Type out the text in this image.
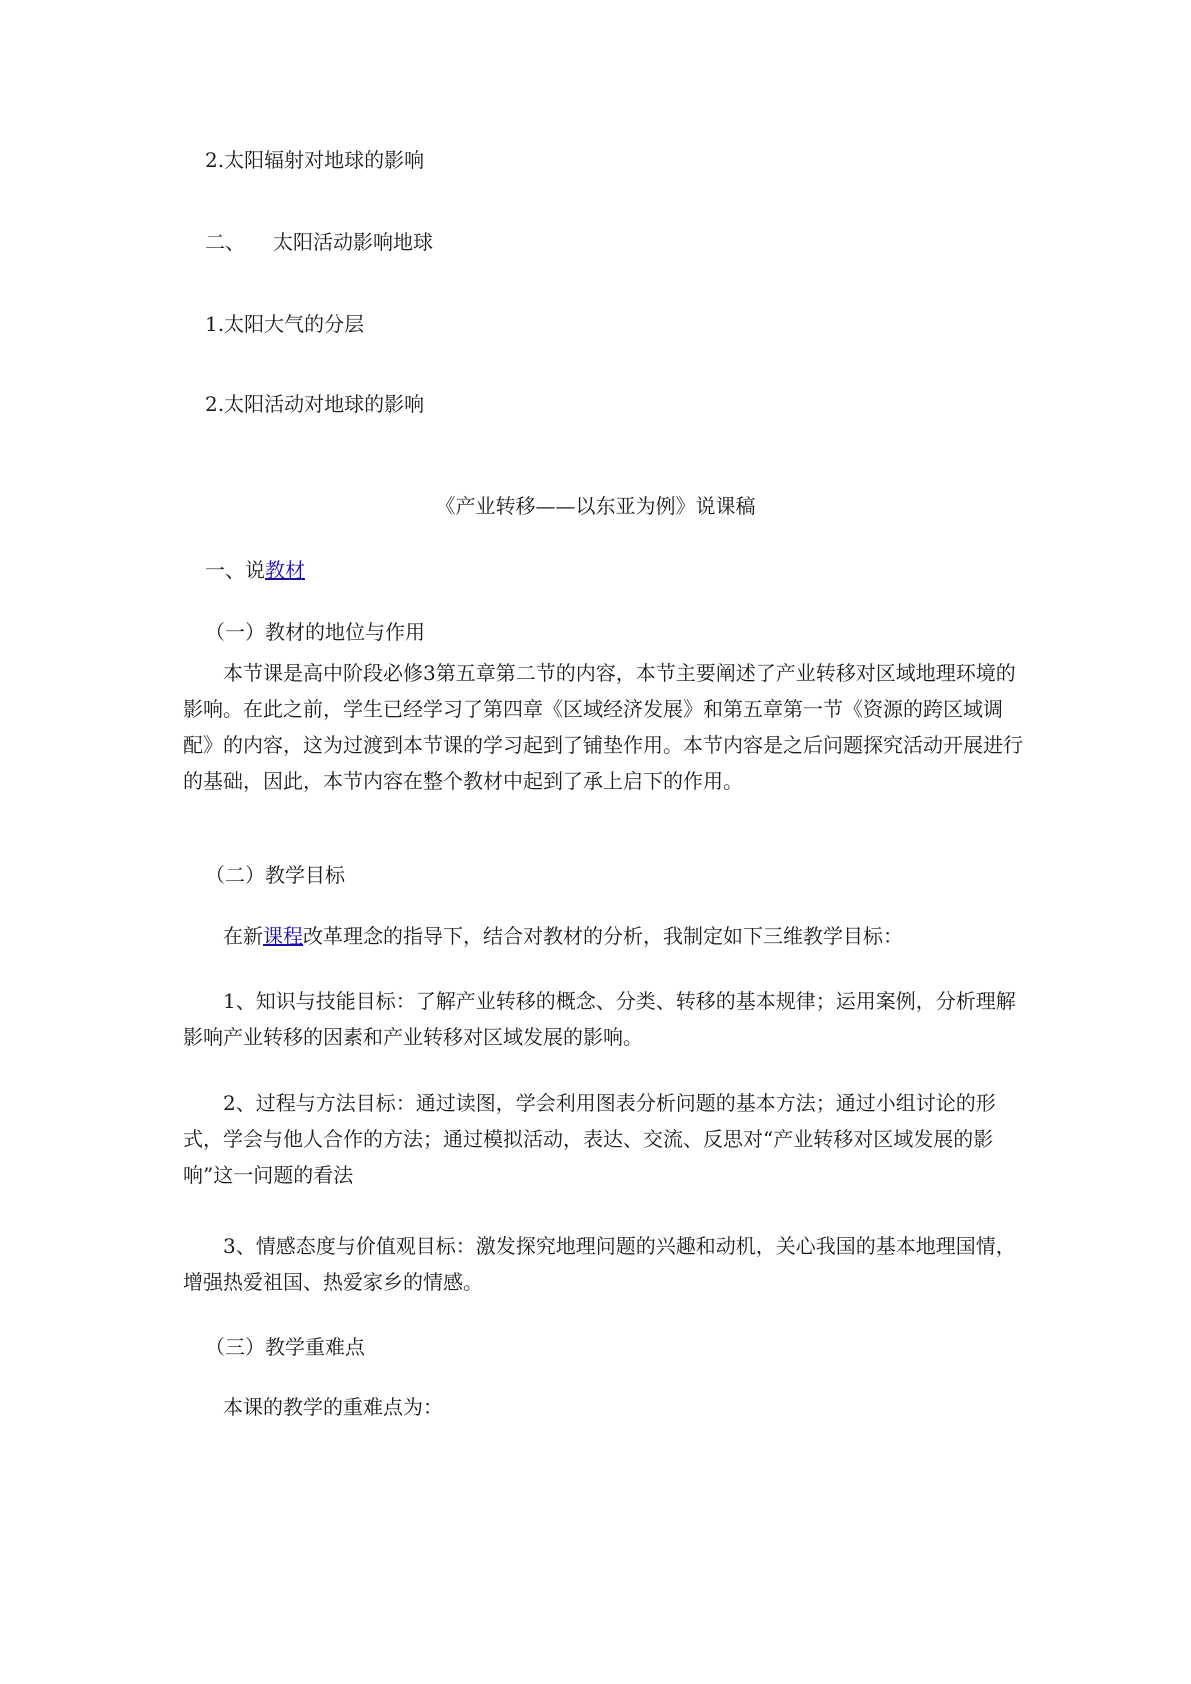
2.太阳辐射对地球的影响
二、 太阳活动影响地球
1.太阳大气的分层
2.太阳活动对地球的影响
《产业转移——以东亚为例》说课稿
一、说教材
（一）教材的地位与作用
本节课是高中阶段必修3第五章第二节的内容，本节主要阐述了产业转移对区域地理环境的影响。在此之前，学生已经学习了第四章《区域经济发展》和第五章第一节《资源的跨区域调配》的内容，这为过渡到本节课的学习起到了铺垫作用。本节内容是之后问题探究活动开展进行的基础，因此，本节内容在整个教材中起到了承上启下的作用。
（二）教学目标
在新课程改革理念的指导下，结合对教材的分析，我制定如下三维教学目标：
1、知识与技能目标：了解产业转移的概念、分类、转移的基本规律；运用案例，分析理解影响产业转移的因素和产业转移对区域发展的影响。
2、过程与方法目标：通过读图，学会利用图表分析问题的基本方法；通过小组讨论的形式，学会与他人合作的方法；通过模拟活动，表达、交流、反思对“产业转移对区域发展的影响”这一问题的看法
3、情感态度与价值观目标：激发探究地理问题的兴趣和动机，关心我国的基本地理国情，增强热爱祖国、热爱家乡的情感。
（三）教学重难点
本课的教学的重难点为：
